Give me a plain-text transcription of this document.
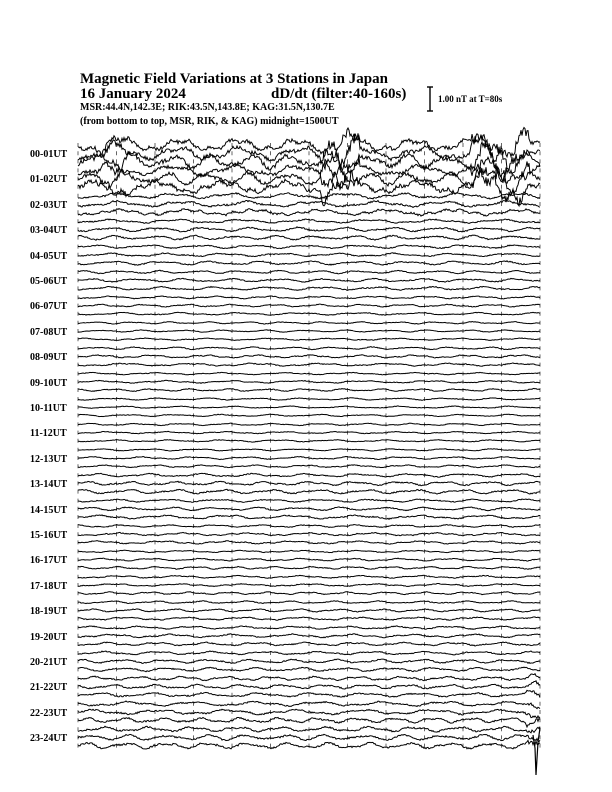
Magnetic Field Variations at 3 Stations in Japan
16 January 2024	dD/dt (filter:40-160s)
MSR:44.4N,142.3E; RIK:43.5N,143.8E; KAG:31.5N,130.7E
(from bottom to top, MSR, RIK, & KAG) midnight=1500UT
1.00 nT at T=80s
00-01UT
01-02UT
02-03UT
03-04UT
04-05UT
05-06UT
06-07UT
07-08UT
08-09UT
09-10UT
10-11UT
11-12UT
12-13UT
13-14UT
14-15UT
15-16UT
16-17UT
17-18UT
18-19UT
19-20UT
20-21UT
21-22UT
22-23UT
23-24UT
